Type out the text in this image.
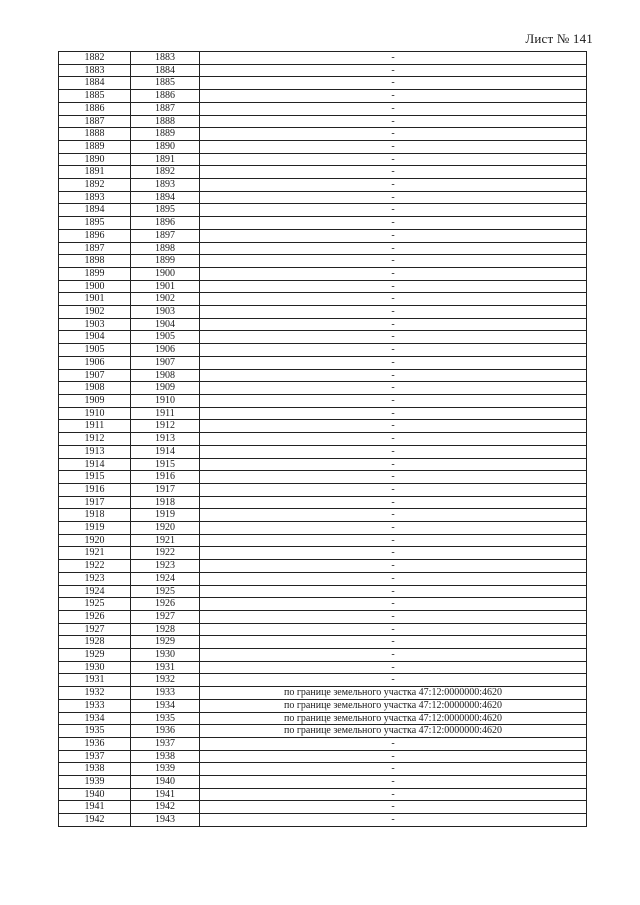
Лист № 141
1882	1883	-
1883	1884	-
1884	1885	-
1885	1886	-
1886	1887	-
1887	1888	-
1888	1889	-
1889	1890	-
1890	1891	-
1891	1892	-
1892	1893	-
1893	1894	-
1894	1895	-
1895	1896	-
1896	1897	-
1897	1898	-
1898	1899	-
1899	1900	-
1900	1901	-
1901	1902	-
1902	1903	-
1903	1904	-
1904	1905	-
1905	1906	-
1906	1907	-
1907	1908	-
1908	1909	-
1909	1910	-
1910	1911	-
1911	1912	-
1912	1913	-
1913	1914	-
1914	1915	-
1915	1916	-
1916	1917	-
1917	1918	-
1918	1919	-
1919	1920	-
1920	1921	-
1921	1922	-
1922	1923	-
1923	1924	-
1924	1925	-
1925	1926	-
1926	1927	-
1927	1928	-
1928	1929	-
1929	1930	-
1930	1931	-
1931	1932	-
1932	1933	по границе земельного участка 47:12:0000000:4620
1933	1934	по границе земельного участка 47:12:0000000:4620
1934	1935	по границе земельного участка 47:12:0000000:4620
1935	1936	по границе земельного участка 47:12:0000000:4620
1936	1937	-
1937	1938	-
1938	1939	-
1939	1940	-
1940	1941	-
1941	1942	-
1942	1943	-
